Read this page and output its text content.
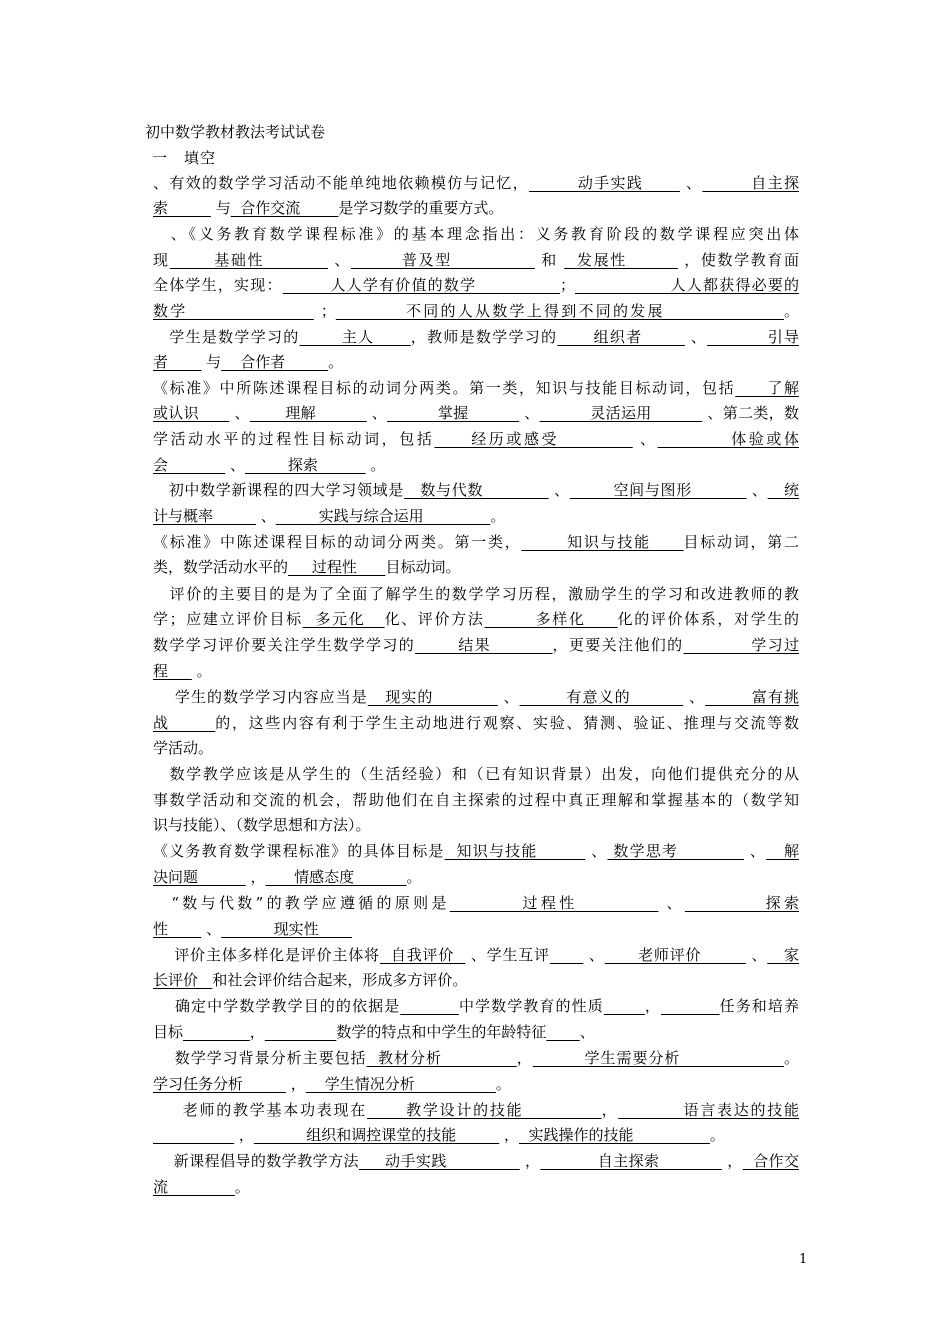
初中数学教材教法考试试卷
一　填空
、有效的数学学习活动不能单纯地依赖模仿与记忆，        动手实践       、        自主探
索          与  合作交流        是学习数学的重要方式。
　、《义务教育数学课程标准》的基本理念指出：义务教育阶段的数学课程应突出体
现       基础性           、        普及型              和   发展性         ，使数学教育面
全体学生，实现：        人人学有价值的数学              ；                人人都获得必要的
数学                   ；          不同的人从数学上得到不同的发展                 。
　学生是数学学习的       主人      ，教师是数学学习的      组织者        、          引导
者        与    合作者         。
《标准》中所陈述课程目标的动词分两类。第一类，知识与技能目标动词，包括     了解
或认识       、       理解           、          掌握           、          灵活运用           、第二类，数
学活动水平的过程性目标动词，包括     经历或感受           、          体验或体
会             、         探索           。
　初中数学新课程的四大学习领域是   数与代数             、        空间与图形           、   统
计与概率          、         实践与综合运用              。
《标准》中陈述课程目标的动词分两类。第一类，       知识与技能     目标动词，第二
类，数学活动水平的     过程性      目标动词。
　评价的主要目的是为了全面了解学生的数学学习历程，激励学生的学习和改进教师的教
学；应建立评价目标  多元化   化、评价方法        多样化     化的评价体系，对学生的
数学学习评价要关注学生数学学习的       结果          ，更要关注他们的           学习过
程      。
　 学生的数学学习内容应当是   现实的            、        有意义的          、        富有挑
战       的，这些内容有利于学生主动地进行观察、实验、猜测、验证、推理与交流等数
学活动。
　数学教学应该是从学生的（生活经验）和（已有知识背景）出发，向他们提供充分的从
事数学活动和交流的机会，帮助他们在自主探索的过程中真正理解和掌握基本的（数学知
识与技能）、（数学思想和方法）。
《义务教育数学课程标准》的具体目标是  知识与技能         、 数学思考            、   解
决问题           ，      情感态度           。
　“数与代数”的教学应遵循的原则是         过程性           、          探索
性        、           现实性
　 评价主体多样化是评价主体将  自我评价   、学生互评       、      老师评价         、   家
长评价   和社会评价结合起来，形成多方评价。
　 确定中学数学教学目的的依据是	中学数学教育的性质	，	任务和培养
目标	，	数学的特点和中学生的年龄特征 、
　 数学学习背景分析主要包括  教材分析             ，         学生需要分析                  。
学习任务分析          ，    学生情况分析                 。
　  老师的教学基本功表现在      教学设计的技能            ，          语言表达的技能
，           组织和调控课堂的技能          ，  实践操作的技能                。
　 新课程倡导的数学教学方法     动手实践               ，           自主探索             ，  合作交
流              。
1
